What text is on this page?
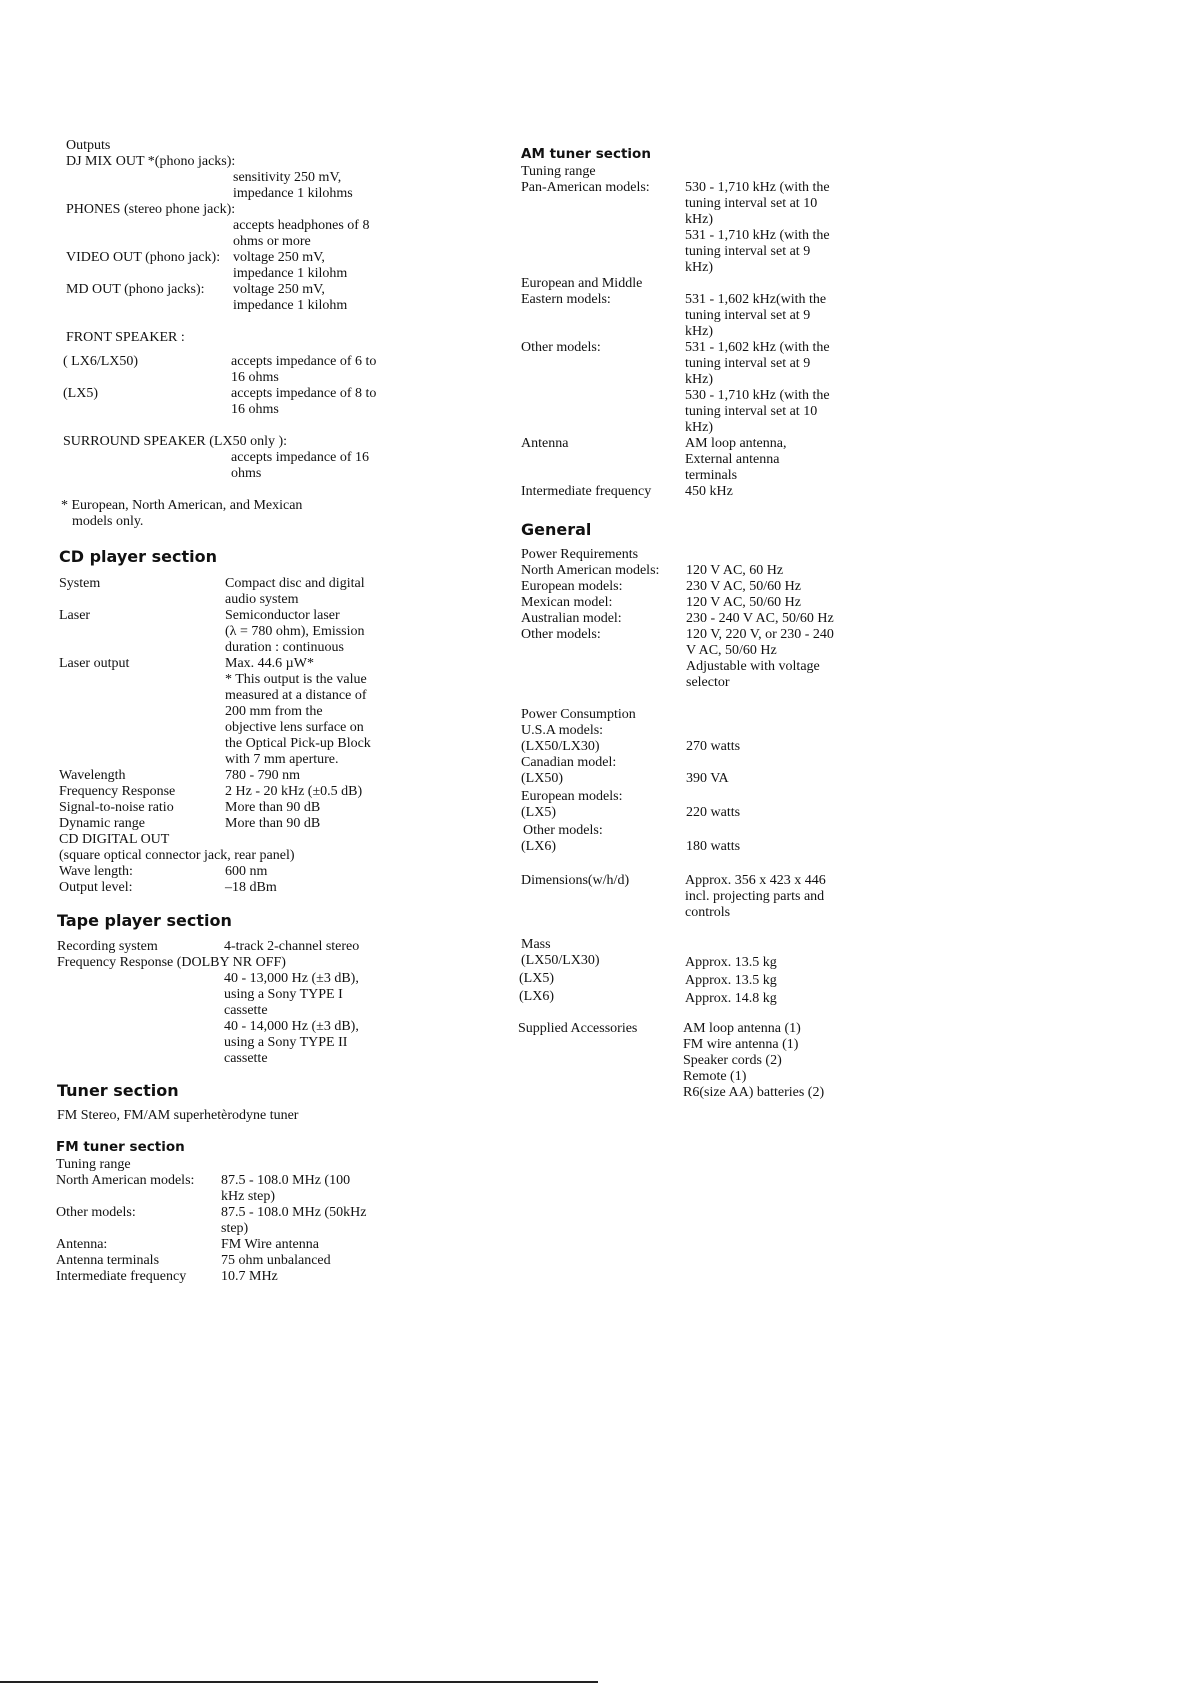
Outputs
DJ MIX OUT *(phono jacks):
sensitivity 250 mV,
impedance 1 kilohms
PHONES (stereo phone jack):
accepts headphones of 8
ohms or more
VIDEO OUT (phono jack): voltage 250 mV,
impedance 1 kilohm
MD OUT (phono jacks): voltage 250 mV,
impedance 1 kilohm
FRONT SPEAKER :
( LX6/LX50)	accepts impedance of 6 to
16 ohms
(LX5)	accepts impedance of 8 to
16 ohms
SURROUND SPEAKER (LX50 only ):
accepts impedance of 16
ohms
* European, North American, and Mexican
models only.
CD player section
System	Compact disc and digital
audio system
Laser	Semiconductor laser
(λ = 780 ohm), Emission
duration : continuous
Laser output	Max. 44.6 µW*
* This output is the value
measured at a distance of
200 mm from the
objective lens surface on
the Optical Pick-up Block
with 7 mm aperture.
Wavelength	780 - 790 nm
Frequency Response	2 Hz - 20 kHz (±0.5 dB)
Signal-to-noise ratio	More than 90 dB
Dynamic range	More than 90 dB
CD DIGITAL OUT
(square optical connector jack, rear panel)
Wave length:	600 nm
Output level:	–18 dBm
Tape player section
Recording system	4-track 2-channel stereo
Frequency Response (DOLBY NR OFF)
40 - 13,000 Hz (±3 dB),
using a Sony TYPE I
cassette
40 - 14,000 Hz (±3 dB),
using a Sony TYPE II
cassette
Tuner section
FM Stereo, FM/AM superhetèrodyne tuner
FM tuner section
Tuning range
North American models: 87.5 - 108.0 MHz (100
kHz step)
Other models:	87.5 - 108.0 MHz (50kHz
step)
Antenna:	FM Wire antenna
Antenna terminals	75 ohm unbalanced
Intermediate frequency 10.7 MHz
AM tuner section
Tuning range
Pan-American models:	530 - 1,710 kHz (with the
tuning interval set at 10
kHz)
531 - 1,710 kHz (with the
tuning interval set at 9
kHz)
European and Middle
Eastern models:	531 - 1,602 kHz(with the
tuning interval set at 9
kHz)
Other models:	531 - 1,602 kHz (with the
tuning interval set at 9
kHz)
530 - 1,710 kHz (with the
tuning interval set at 10
kHz)
Antenna	AM loop antenna,
External antenna
terminals
Intermediate frequency 450 kHz
General
Power Requirements
North American models: 120 V AC, 60 Hz
European models:	230 V AC, 50/60 Hz
Mexican model:	120 V AC, 50/60 Hz
Australian model:	230 - 240 V AC, 50/60 Hz
Other models:	120 V, 220 V, or 230 - 240
V AC, 50/60 Hz
Adjustable with voltage
selector
Power Consumption
U.S.A models:
(LX50/LX30)	270 watts
Canadian model:
(LX50)	390 VA
European models:
(LX5)	220 watts
Other models:
(LX6)	180 watts
Dimensions(w/h/d)	Approx. 356 x 423 x 446
incl. projecting parts and
controls
Mass
(LX50/LX30)	Approx. 13.5 kg
(LX5)	Approx. 13.5 kg
(LX6)	Approx. 14.8 kg
Supplied Accessories	AM loop antenna (1)
FM wire antenna (1)
Speaker cords (2)
Remote (1)
R6(size AA) batteries (2)
